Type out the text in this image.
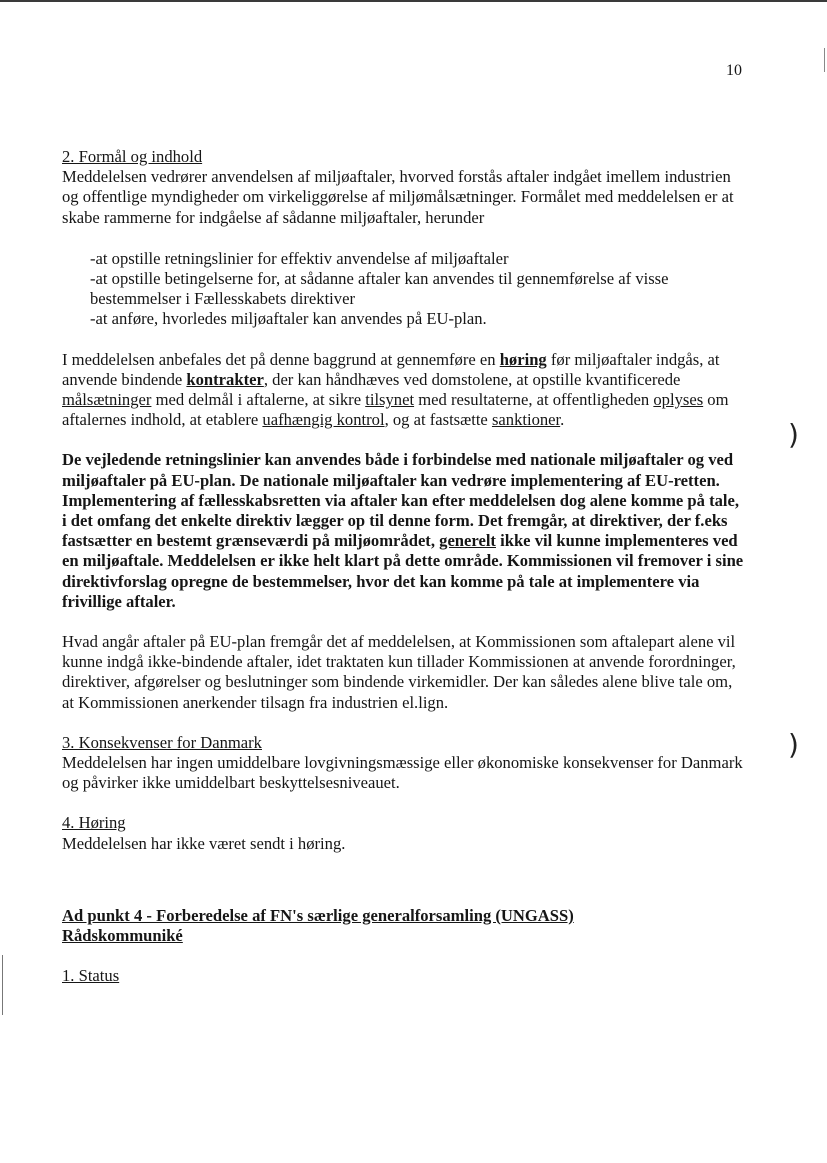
)
)
10
2. Formål og indhold

Meddelelsen vedrører anvendelsen af miljøaftaler, hvorved forstås aftaler indgået imellem industrien og offentlige myndigheder om virkeliggørelse af miljømålsætninger. Formålet med meddelelsen er at skabe rammerne for indgåelse af sådanne miljøaftaler, herunder

-at opstille retningslinier for effektiv anvendelse af miljøaftaler
-at opstille betingelserne for, at sådanne aftaler kan anvendes til gennemførelse af visse bestemmelser i Fællesskabets direktiver
-at anføre, hvorledes miljøaftaler kan anvendes på EU-plan.

I meddelelsen anbefales det på denne baggrund at gennemføre en høring før miljøaftaler indgås, at anvende bindende kontrakter, der kan håndhæves ved domstolene, at opstille kvantificerede målsætninger med delmål i aftalerne, at sikre tilsynet med resultaterne, at offentligheden oplyses om aftalernes indhold, at etablere uafhængig kontrol, og at fastsætte sanktioner.

De vejledende retningslinier kan anvendes både i forbindelse med nationale miljøaftaler og ved miljøaftaler på EU-plan. De nationale miljøaftaler kan vedrøre implementering af EU-retten. Implementering af fællesskabsretten via aftaler kan efter meddelelsen dog alene komme på tale, i det omfang det enkelte direktiv lægger op til denne form. Det fremgår, at direktiver, der f.eks fastsætter en bestemt grænseværdi på miljøområdet, generelt ikke vil kunne implementeres ved en miljøaftale. Meddelelsen er ikke helt klart på dette område. Kommissionen vil fremover i sine direktivforslag opregne de bestemmelser, hvor det kan komme på tale at implementere via frivillige aftaler.

Hvad angår aftaler på EU-plan fremgår det af meddelelsen, at Kommissionen som aftalepart alene vil kunne indgå ikke-bindende aftaler, idet traktaten kun tillader Kommissionen at anvende forordninger, direktiver, afgørelser og beslutninger som bindende virkemidler. Der kan således alene blive tale om, at Kommissionen anerkender tilsagn fra industrien el.lign.

3. Konsekvenser for Danmark

Meddelelsen har ingen umiddelbare lovgivningsmæssige eller økonomiske konsekvenser for Danmark og påvirker ikke umiddelbart beskyttelsesniveauet.

4. Høring

Meddelelsen har ikke været sendt i høring.

Ad punkt 4 - Forberedelse af FN's særlige generalforsamling (UNGASS)
Rådskommuniké
1. Status
